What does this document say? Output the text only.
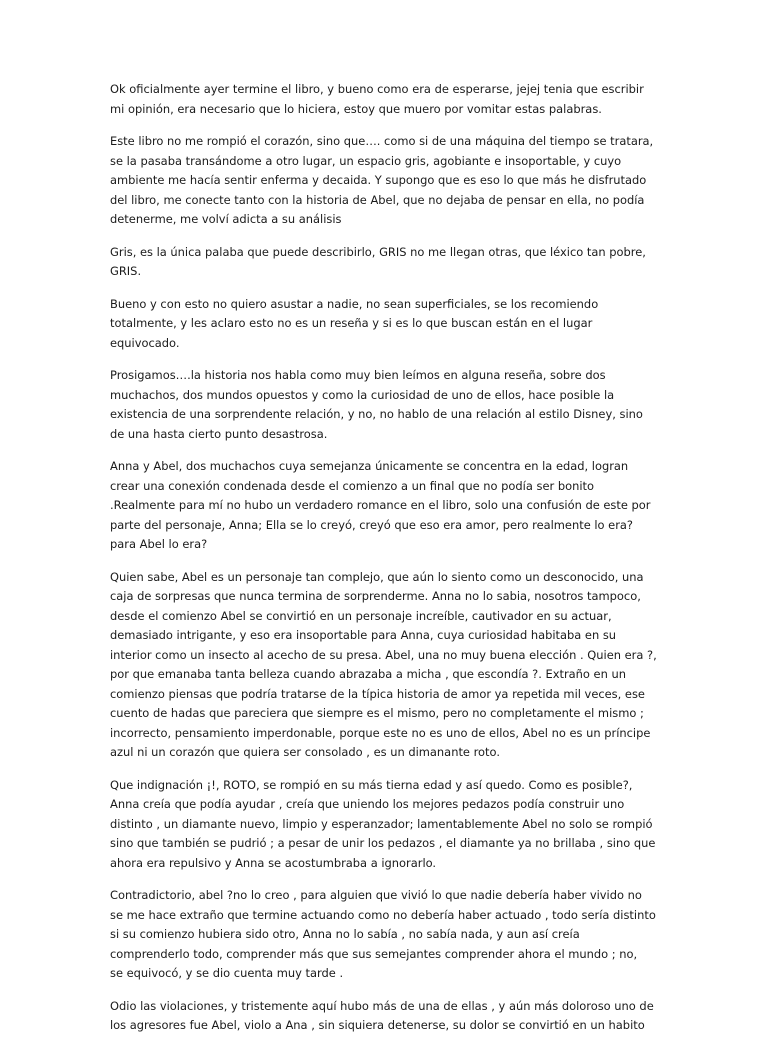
Ok oficialmente ayer termine el libro, y bueno como era de esperarse, jejej tenia que escribir
mi opinión, era necesario que lo hiciera, estoy que muero por vomitar estas palabras.

Este libro no me rompió el corazón, sino que…. como si de una máquina del tiempo se tratara,
se la pasaba transándome a otro lugar, un espacio gris, agobiante e insoportable, y cuyo
ambiente me hacía sentir enferma y decaida. Y supongo que es eso lo que más he disfrutado
del libro, me conecte tanto con la historia de Abel, que no dejaba de pensar en ella, no podía
detenerme, me volví adicta a su análisis

Gris, es la única palaba que puede describirlo, GRIS no me llegan otras, que léxico tan pobre,
GRIS.

Bueno y con esto no quiero asustar a nadie, no sean superficiales, se los recomiendo
totalmente, y les aclaro esto no es un reseña y si es lo que buscan están en el lugar
equivocado.

Prosigamos….la historia nos habla como muy bien leímos en alguna reseña, sobre dos
muchachos, dos mundos opuestos y como la curiosidad de uno de ellos, hace posible la
existencia de una sorprendente relación, y no, no hablo de una relación al estilo Disney, sino
de una hasta cierto punto desastrosa.

Anna y Abel, dos muchachos cuya semejanza únicamente se concentra en la edad, logran
crear una conexión condenada desde el comienzo a un final que no podía ser bonito
.Realmente para mí no hubo un verdadero romance en el libro, solo una confusión de este por
parte del personaje, Anna; Ella se lo creyó, creyó que eso era amor, pero realmente lo era?
para Abel lo era?

Quien sabe, Abel es un personaje tan complejo, que aún lo siento como un desconocido, una
caja de sorpresas que nunca termina de sorprenderme. Anna no lo sabia, nosotros tampoco,
desde el comienzo Abel se convirtió en un personaje increíble, cautivador en su actuar,
demasiado intrigante, y eso era insoportable para Anna, cuya curiosidad habitaba en su
interior como un insecto al acecho de su presa. Abel, una no muy buena elección . Quien era ?,
por que emanaba tanta belleza cuando abrazaba a micha , que escondía ?. Extraño en un
comienzo piensas que podría tratarse de la típica historia de amor ya repetida mil veces, ese
cuento de hadas que pareciera que siempre es el mismo, pero no completamente el mismo ;
incorrecto, pensamiento imperdonable, porque este no es uno de ellos, Abel no es un príncipe
azul ni un corazón que quiera ser consolado , es un dimanante roto.

Que indignación ¡!, ROTO, se rompió en su más tierna edad y así quedo. Como es posible?,
Anna creía que podía ayudar , creía que uniendo los mejores pedazos podía construir uno
distinto , un diamante nuevo, limpio y esperanzador; lamentablemente Abel no solo se rompió
sino que también se pudrió ; a pesar de unir los pedazos , el diamante ya no brillaba , sino que
ahora era repulsivo y Anna se acostumbraba a ignorarlo.

Contradictorio, abel ?no lo creo , para alguien que vivió lo que nadie debería haber vivido no
se me hace extraño que termine actuando como no debería haber actuado , todo sería distinto
si su comienzo hubiera sido otro, Anna no lo sabía , no sabía nada, y aun así creía
comprenderlo todo, comprender más que sus semejantes comprender ahora el mundo ; no,
se equivocó, y se dio cuenta muy tarde .

Odio las violaciones, y tristemente aquí hubo más de una de ellas , y aún más doloroso uno de
los agresores fue Abel, violo a Ana , sin siquiera detenerse, su dolor se convirtió en un habito
